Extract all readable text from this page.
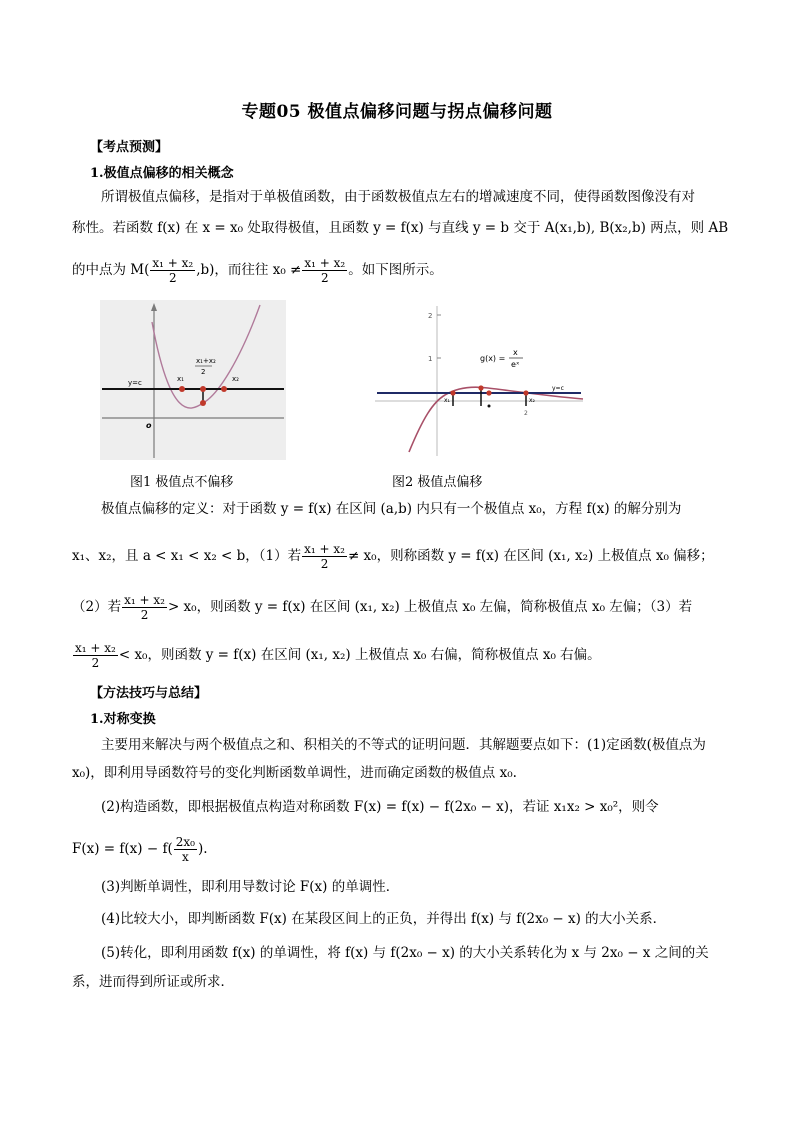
专题05 极值点偏移问题与拐点偏移问题
【考点预测】
1.极值点偏移的相关概念
所谓极值点偏移，是指对于单极值函数，由于函数极值点左右的增减速度不同，使得函数图像没有对
称性。若函数 f(x) 在 x = x₀ 处取得极值，且函数 y = f(x) 与直线 y = b 交于 A(x₁,b), B(x₂,b) 两点，则 AB
的中点为 $M( \frac{\text{x₁ + x₂}}{2} ,b)$，而往往 $x_0 \ne \frac{\text{x₁ + x₂}}{2}$ 。如下图所示。
y=c	x₁	x₂
x₁+x₂
2
o
2
1
x₁	x₂
2
y=c
g(x) =
x
eˣ
图1 极值点不偏移	图2 极值点偏移
极值点偏移的定义：对于函数 y = f(x) 在区间 (a,b) 内只有一个极值点 x₀，方程 f(x) 的解分别为
x₁、x₂，且 a < x₁ < x₂ < b，（1）若 $\frac{\text{x₁ + x₂}}{2} \ne x_0$，则称函数 y = f(x) 在区间 (x₁, x₂) 上极值点 x₀ 偏移；
（2）若 $\frac{\text{x₁ + x₂}}{2} > x_0$，则函数 y = f(x) 在区间 (x₁, x₂) 上极值点 x₀ 左偏，简称极值点 x₀ 左偏；（3）若
$\frac{\text{x₁ + x₂}}{2} < x_0$，则函数 y = f(x) 在区间 (x₁, x₂) 上极值点 x₀ 右偏，简称极值点 x₀ 右偏。
【方法技巧与总结】
1.对称变换
主要用来解决与两个极值点之和、积相关的不等式的证明问题．其解题要点如下：(1)定函数(极值点为
x₀)，即利用导函数符号的变化判断函数单调性，进而确定函数的极值点 x₀.
(2)构造函数，即根据极值点构造对称函数 F(x) = f(x) − f(2x₀ − x)，若证 x₁x₂ > x₀²，则令
$F(x) = f(x) - f( \frac{\text{2x₀}}{x}$ ).
(3)判断单调性，即利用导数讨论 F(x) 的单调性．
(4)比较大小，即判断函数 F(x) 在某段区间上的正负，并得出 f(x) 与 f(2x₀ − x) 的大小关系．
(5)转化，即利用函数 f(x) 的单调性，将 f(x) 与 f(2x₀ − x) 的大小关系转化为 x 与 2x₀ − x 之间的关
系，进而得到所证或所求．
